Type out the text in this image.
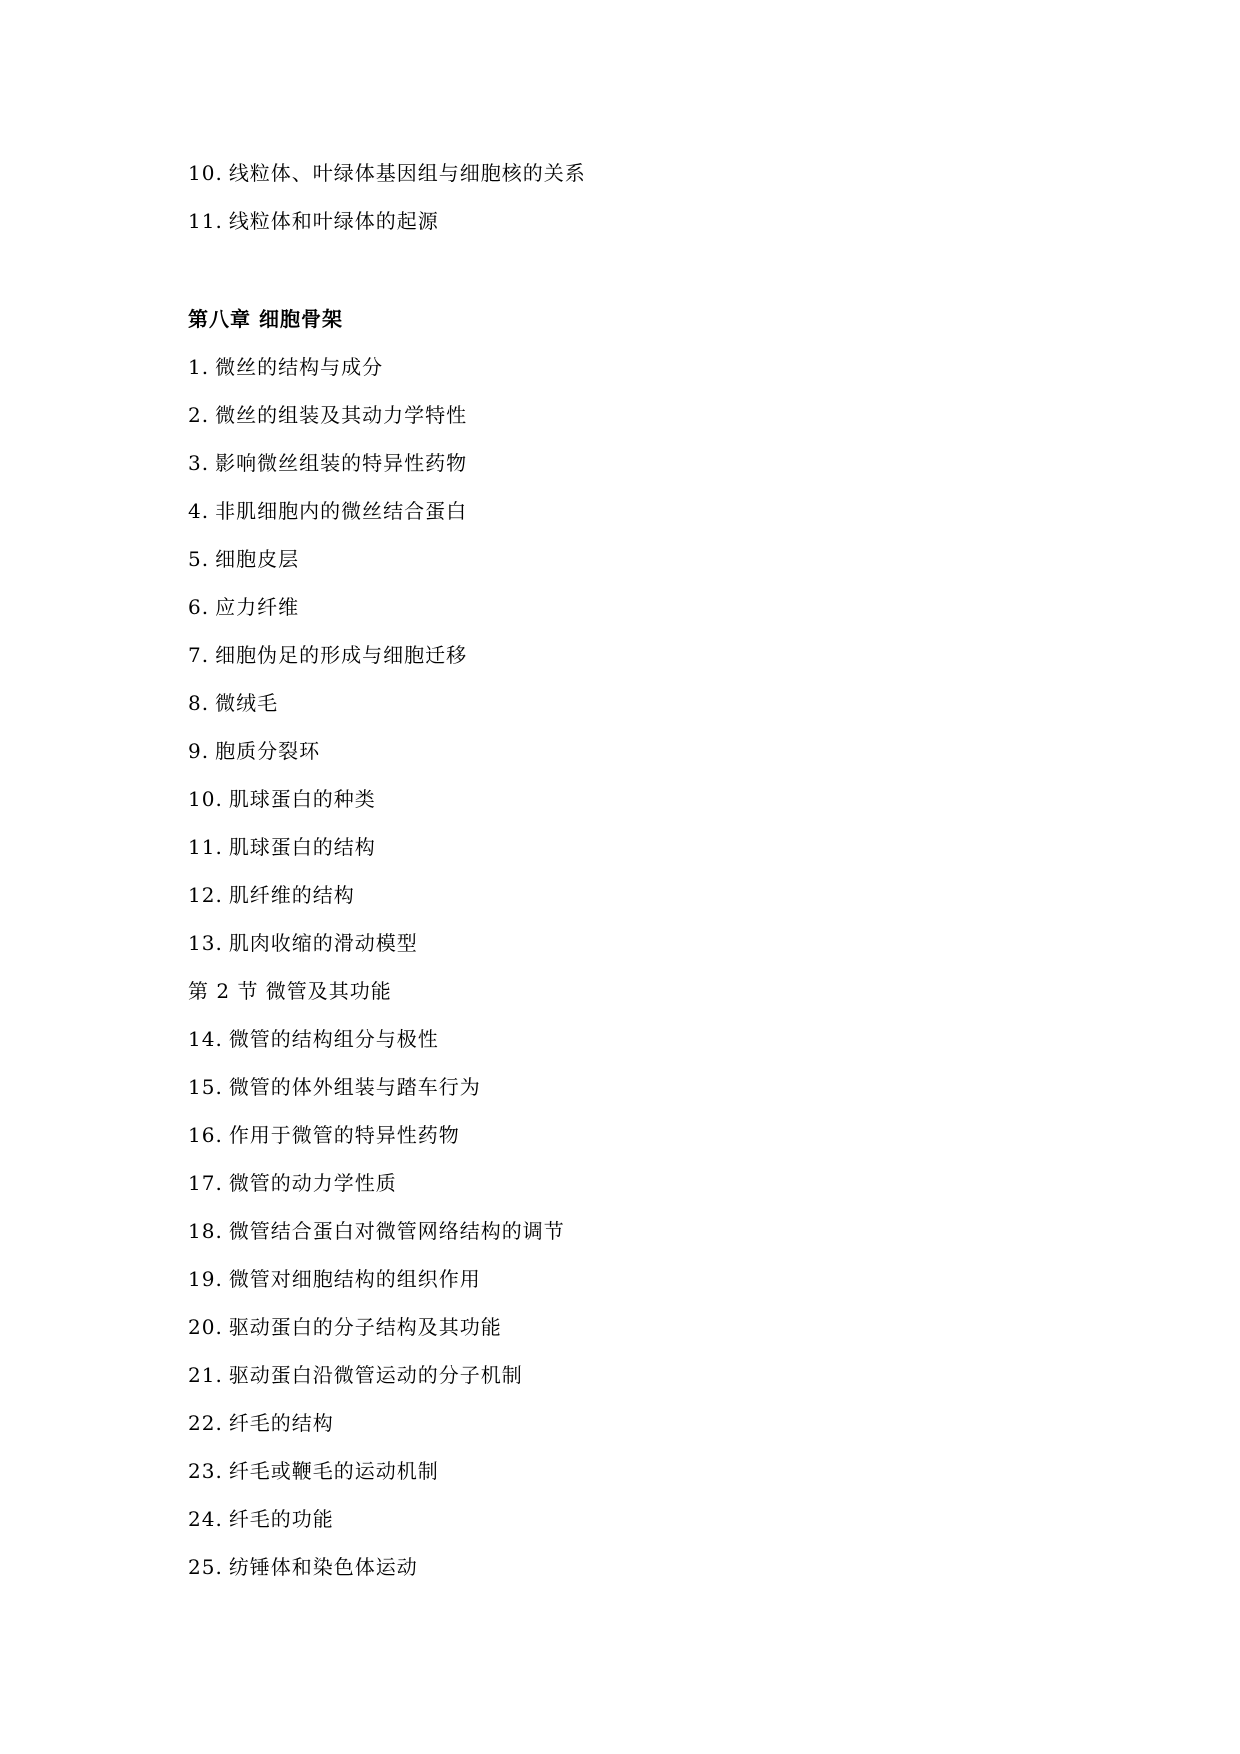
10. 线粒体、叶绿体基因组与细胞核的关系
11. 线粒体和叶绿体的起源
第八章 细胞骨架
1. 微丝的结构与成分
2. 微丝的组装及其动力学特性
3. 影响微丝组装的特异性药物
4. 非肌细胞内的微丝结合蛋白
5. 细胞皮层
6. 应力纤维
7. 细胞伪足的形成与细胞迁移
8. 微绒毛
9. 胞质分裂环
10. 肌球蛋白的种类
11. 肌球蛋白的结构
12. 肌纤维的结构
13. 肌肉收缩的滑动模型
第 2 节 微管及其功能
14. 微管的结构组分与极性
15. 微管的体外组装与踏车行为
16. 作用于微管的特异性药物
17. 微管的动力学性质
18. 微管结合蛋白对微管网络结构的调节
19. 微管对细胞结构的组织作用
20. 驱动蛋白的分子结构及其功能
21. 驱动蛋白沿微管运动的分子机制
22. 纤毛的结构
23. 纤毛或鞭毛的运动机制
24. 纤毛的功能
25. 纺锤体和染色体运动
